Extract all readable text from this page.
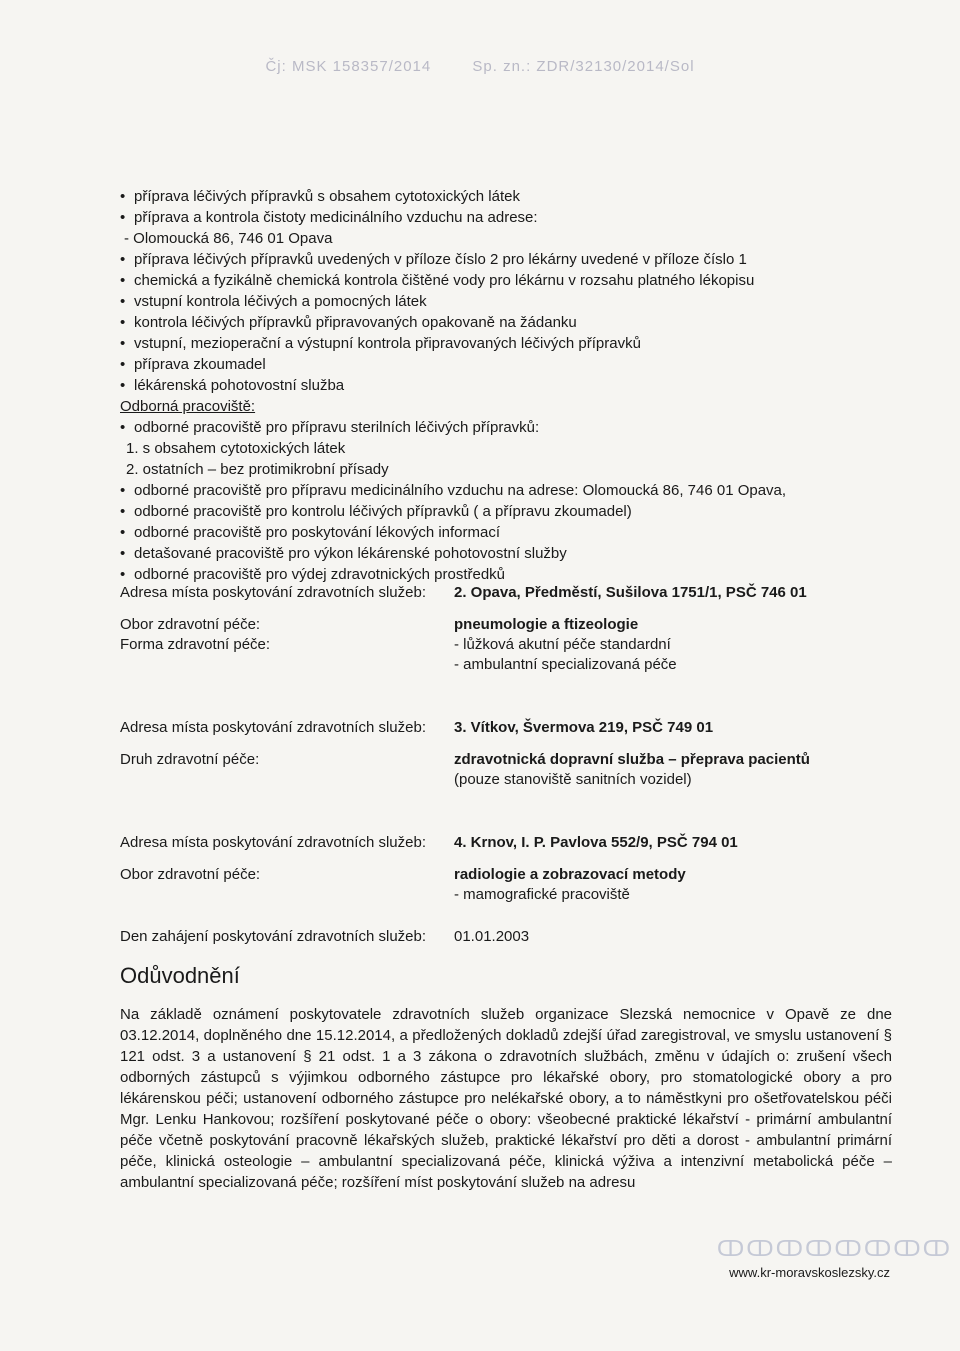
Čj: MSK 158357/2014	Sp. zn.: ZDR/32130/2014/Sol
• příprava léčivých přípravků s obsahem cytotoxických látek
• příprava a kontrola čistoty medicinálního vzduchu na adrese:
- Olomoucká 86, 746 01 Opava
• příprava léčivých přípravků uvedených v příloze číslo 2 pro lékárny uvedené v příloze číslo 1
• chemická a fyzikálně chemická kontrola čištěné vody pro lékárnu v rozsahu platného lékopisu
• vstupní kontrola léčivých a pomocných látek
• kontrola léčivých přípravků připravovaných opakovaně na žádanku
• vstupní, mezioperační a výstupní kontrola připravovaných léčivých přípravků
• příprava zkoumadel
• lékárenská pohotovostní služba
Odborná pracoviště:
• odborné pracoviště pro přípravu sterilních léčivých přípravků:
1. s obsahem cytotoxických látek
2. ostatních – bez protimikrobní přísady
• odborné pracoviště pro přípravu medicinálního vzduchu na adrese: Olomoucká 86, 746 01 Opava,
• odborné pracoviště pro kontrolu léčivých přípravků ( a přípravu zkoumadel)
• odborné pracoviště pro poskytování lékových informací
• detašované pracoviště pro výkon lékárenské pohotovostní služby
• odborné pracoviště pro výdej zdravotnických prostředků
Adresa místa poskytování zdravotních služeb:	2. Opava, Předměstí, Sušilova 1751/1, PSČ 746 01
Obor zdravotní péče:	pneumologie a ftizeologie
Forma zdravotní péče:	- lůžková akutní péče standardní
- ambulantní specializovaná péče
Adresa místa poskytování zdravotních služeb:	3. Vítkov, Švermova 219, PSČ 749 01
Druh zdravotní péče:	zdravotnická dopravní služba – přeprava pacientů
(pouze stanoviště sanitních vozidel)
Adresa místa poskytování zdravotních služeb:	4. Krnov, I. P. Pavlova 552/9, PSČ 794 01
Obor zdravotní péče:	radiologie a zobrazovací metody
- mamografické pracoviště
Den zahájení poskytování zdravotních služeb:	01.01.2003
Odůvodnění
Na základě oznámení poskytovatele zdravotních služeb organizace Slezská nemocnice v Opavě ze dne 03.12.2014, doplněného dne 15.12.2014, a předložených dokladů zdejší úřad zaregistroval, ve smyslu ustanovení § 121 odst. 3 a ustanovení § 21 odst. 1 a 3 zákona o zdravotních službách, změnu v údajích o: zrušení všech odborných zástupců s výjimkou odborného zástupce pro lékařské obory, pro stomatologické obory a pro lékárenskou péči; ustanovení odborného zástupce pro nelékařské obory, a to náměstkyni pro ošetřovatelskou péči Mgr. Lenku Hankovou; rozšíření poskytované péče o obory: všeobecné praktické lékařství - primární ambulantní péče včetně poskytování pracovně lékařských služeb, praktické lékařství pro děti a dorost - ambulantní primární péče, klinická osteologie – ambulantní specializovaná péče, klinická výživa a intenzivní metabolická péče – ambulantní specializovaná péče; rozšíření míst poskytování služeb na adresu
ↀↀↀↀↀↀↀↀ
www.kr-moravskoslezsky.cz
